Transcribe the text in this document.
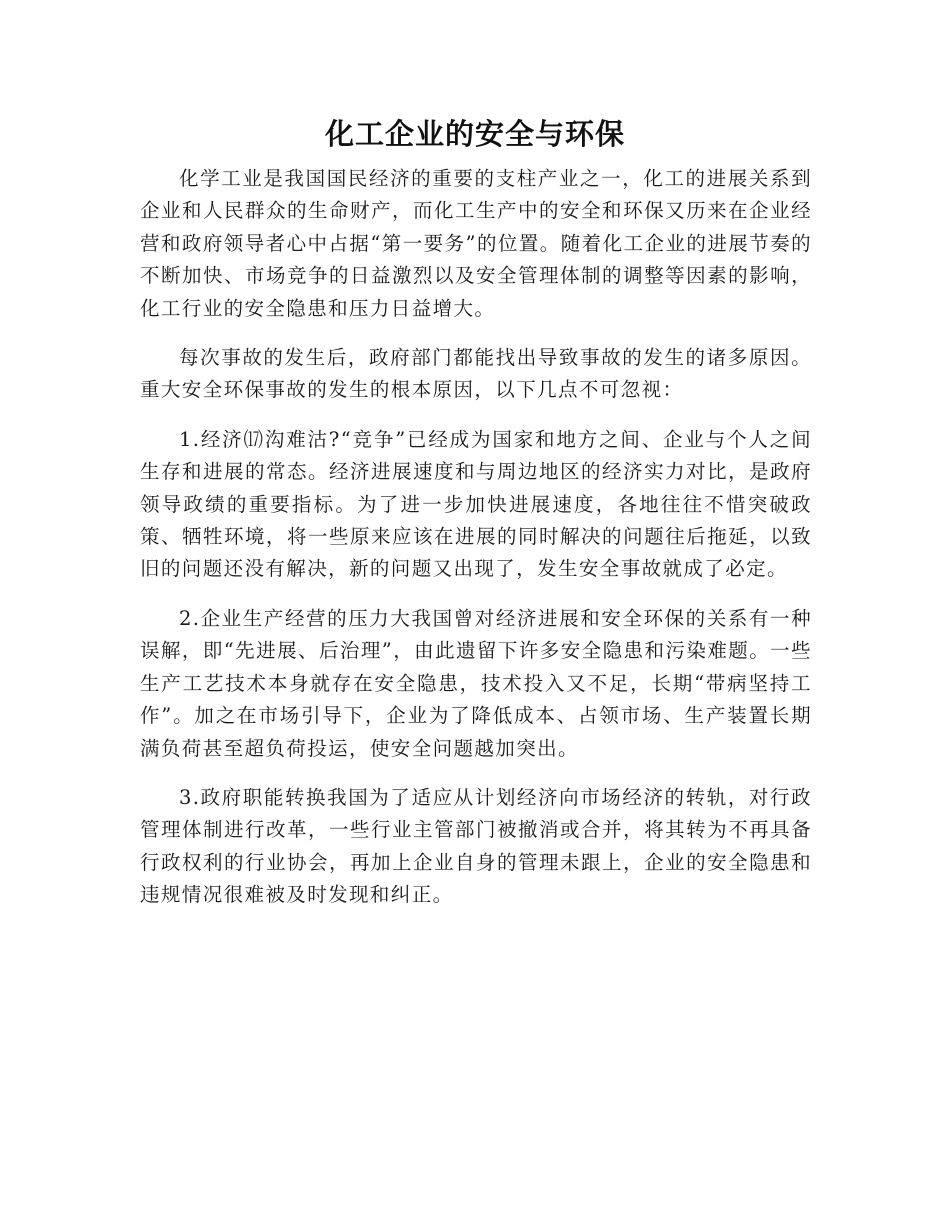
化工企业的安全与环保

化学工业是我国国民经济的重要的支柱产业之一，化工的进展关系到企业和人民群众的生命财产，而化工生产中的安全和环保又历来在企业经营和政府领导者心中占据“第一要务”的位置。随着化工企业的进展节奏的不断加快、市场竞争的日益激烈以及安全管理体制的调整等因素的影响，化工行业的安全隐患和压力日益增大。

每次事故的发生后，政府部门都能找出导致事故的发生的诸多原因。重大安全环保事故的发生的根本原因，以下几点不可忽视：

1.经济⒄沟难沽?“竞争”已经成为国家和地方之间、企业与个人之间生存和进展的常态。经济进展速度和与周边地区的经济实力对比，是政府领导政绩的重要指标。为了进一步加快进展速度，各地往往不惜突破政策、牺牲环境，将一些原来应该在进展的同时解决的问题往后拖延，以致旧的问题还没有解决，新的问题又出现了，发生安全事故就成了必定。

2.企业生产经营的压力大我国曾对经济进展和安全环保的关系有一种误解，即“先进展、后治理”，由此遗留下许多安全隐患和污染难题。一些生产工艺技术本身就存在安全隐患，技术投入又不足，长期“带病坚持工作”。加之在市场引导下，企业为了降低成本、占领市场、生产装置长期满负荷甚至超负荷投运，使安全问题越加突出。

3.政府职能转换我国为了适应从计划经济向市场经济的转轨，对行政管理体制进行改革，一些行业主管部门被撤消或合并，将其转为不再具备行政权利的行业协会，再加上企业自身的管理未跟上，企业的安全隐患和违规情况很难被及时发现和纠正。
